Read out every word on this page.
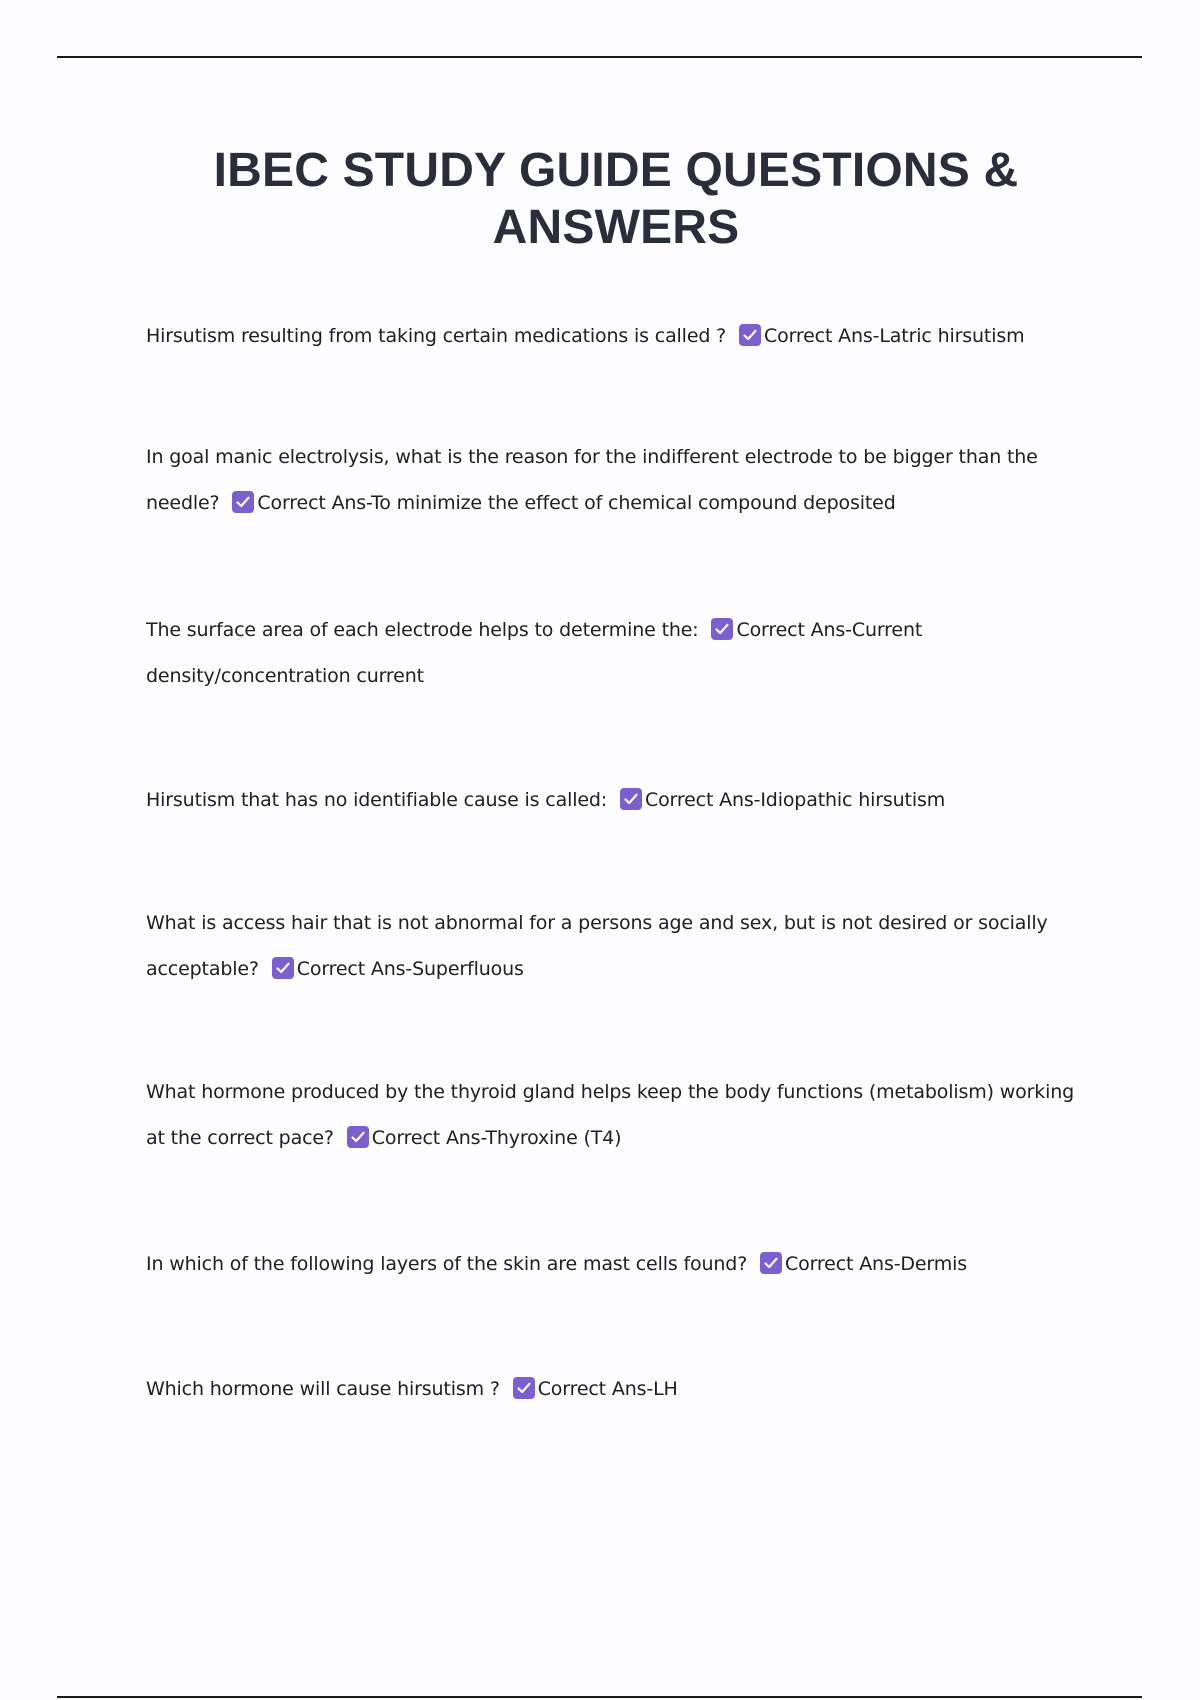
IBEC STUDY GUIDE QUESTIONS & ANSWERS
Hirsutism resulting from taking certain medications is called ? Correct Ans-Latric hirsutism
In goal manic electrolysis, what is the reason for the indifferent electrode to be bigger than the needle? Correct Ans-To minimize the effect of chemical compound deposited
The surface area of each electrode helps to determine the: Correct Ans-Current density/concentration current
Hirsutism that has no identifiable cause is called: Correct Ans-Idiopathic hirsutism
What is access hair that is not abnormal for a persons age and sex, but is not desired or socially acceptable? Correct Ans-Superfluous
What hormone produced by the thyroid gland helps keep the body functions (metabolism) working at the correct pace? Correct Ans-Thyroxine (T4)
In which of the following layers of the skin are mast cells found? Correct Ans-Dermis
Which hormone will cause hirsutism ? Correct Ans-LH
